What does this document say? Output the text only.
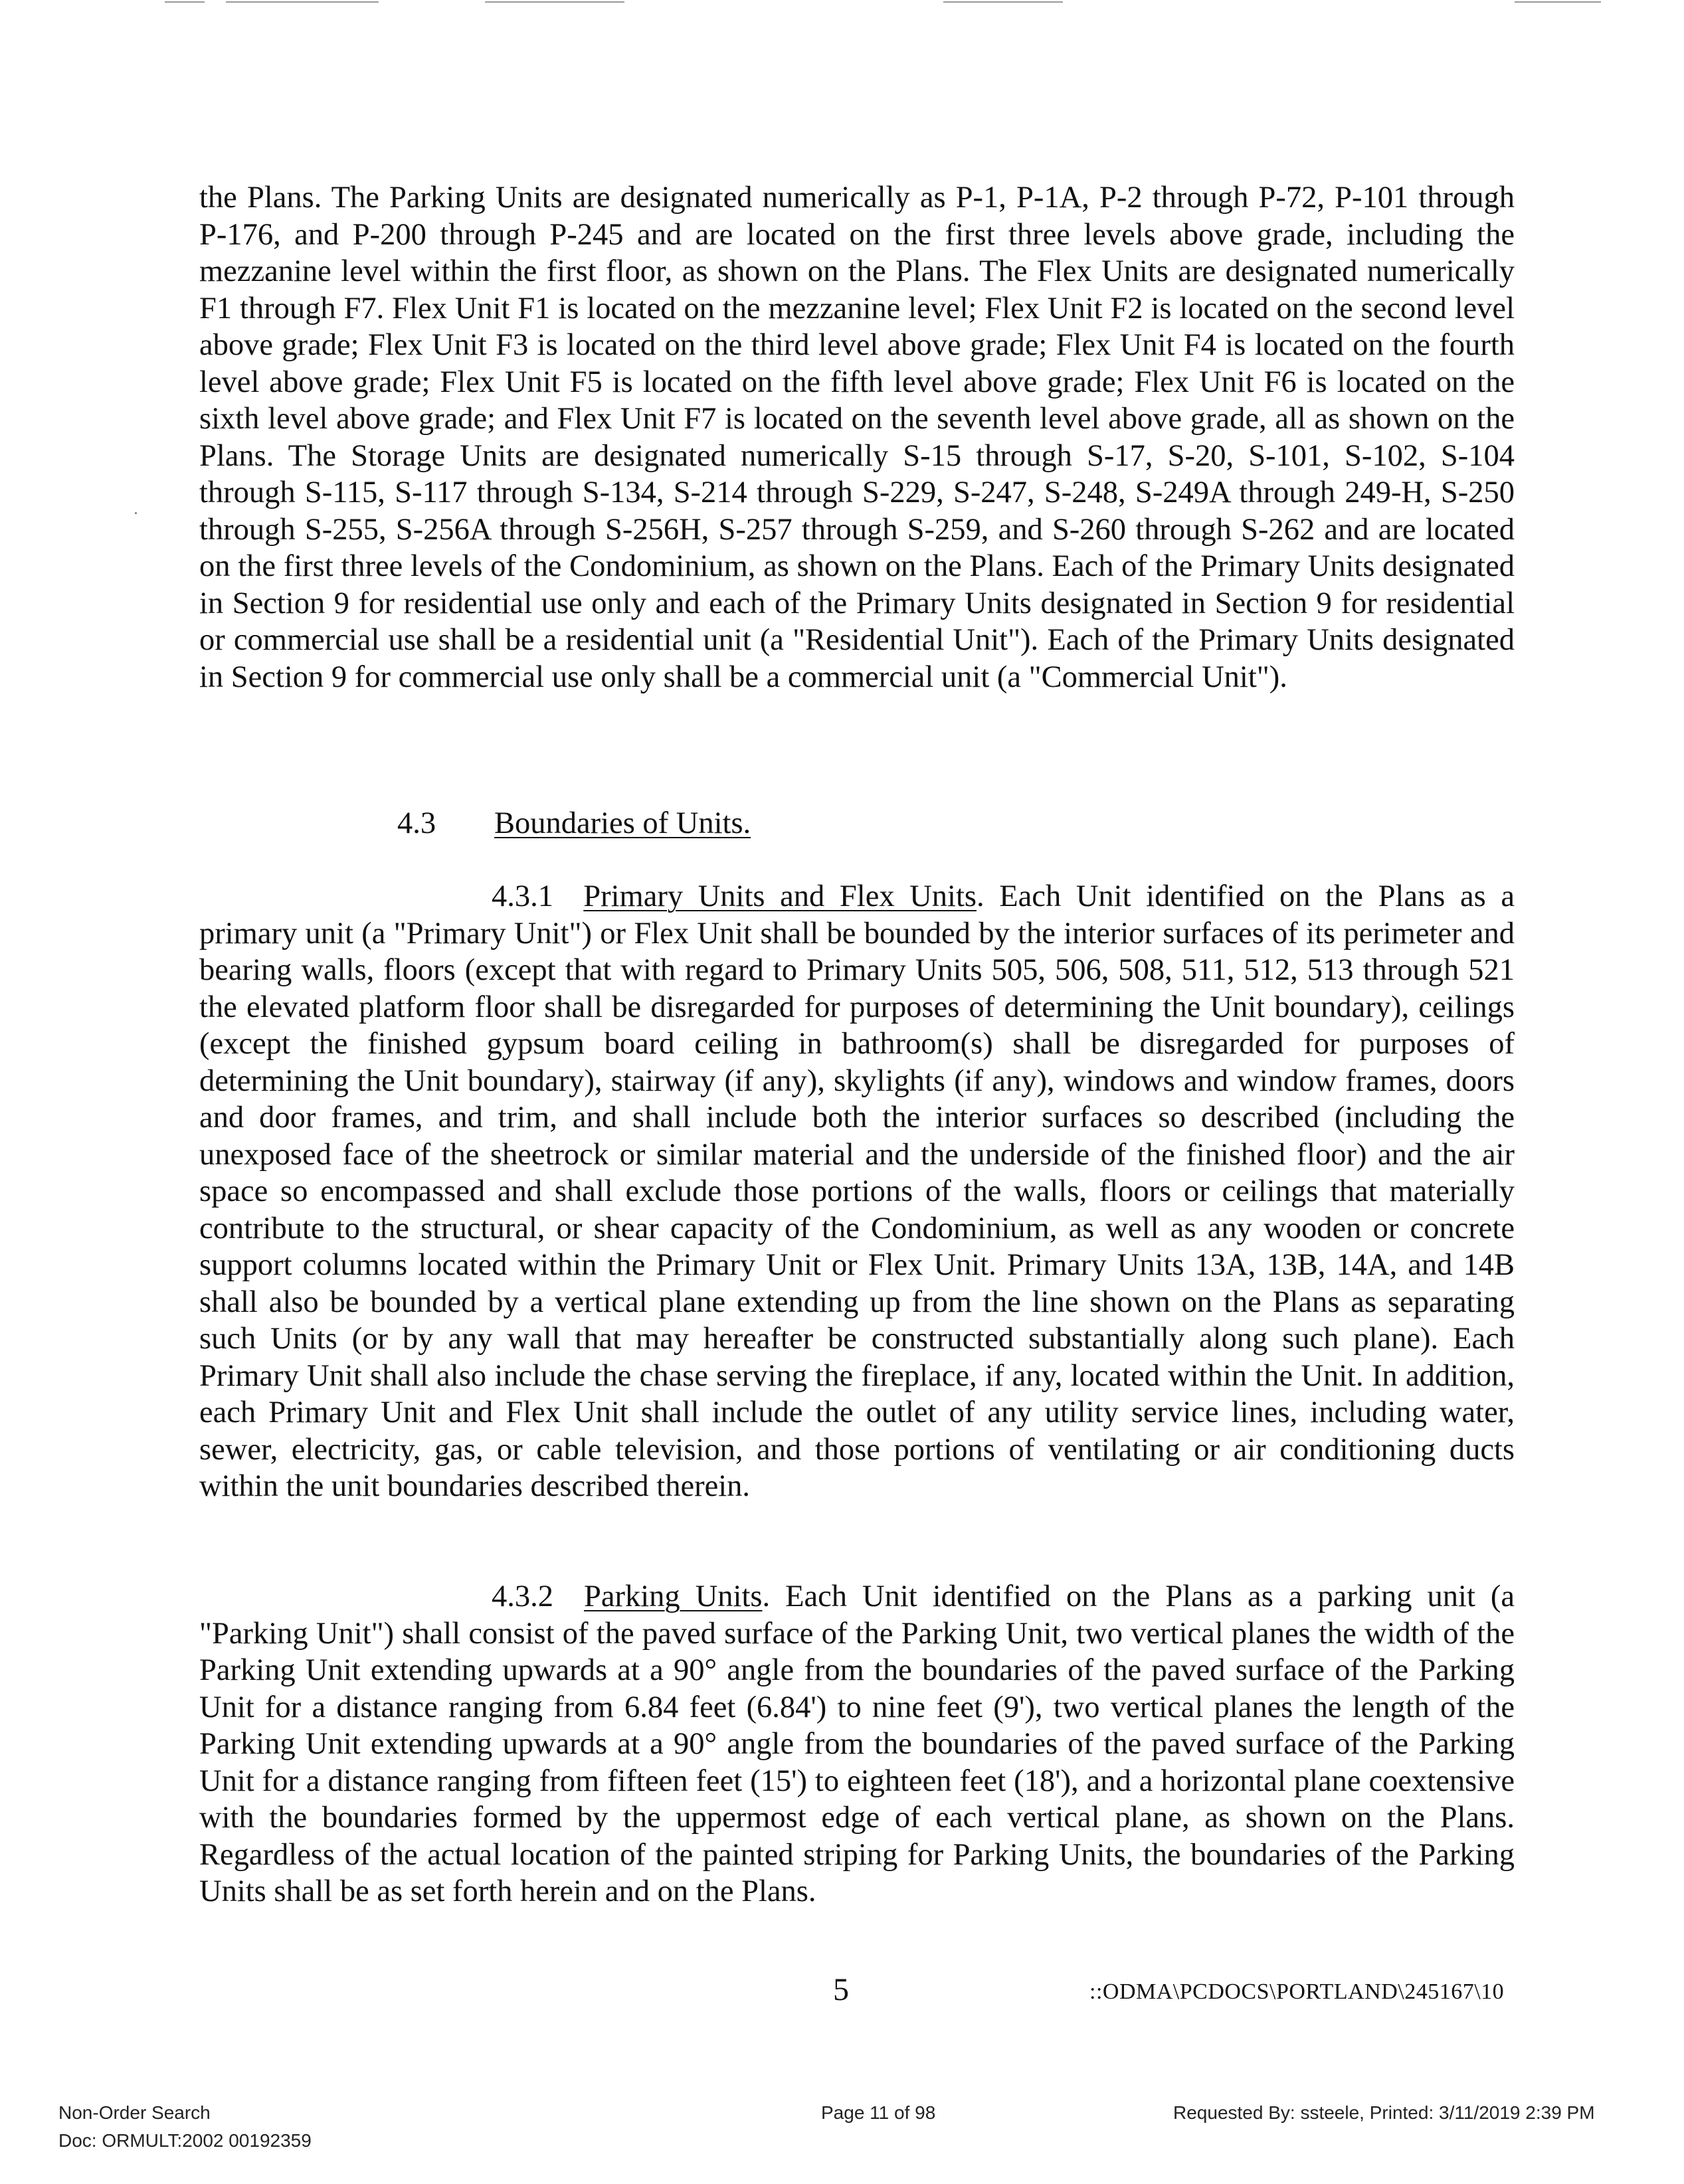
the Plans. The Parking Units are designated numerically as P-1, P-1A, P-2 through P-72, P-101 through P-176, and P-200 through P-245 and are located on the first three levels above grade, including the mezzanine level within the first floor, as shown on the Plans. The Flex Units are designated numerically F1 through F7. Flex Unit F1 is located on the mezzanine level; Flex Unit F2 is located on the second level above grade; Flex Unit F3 is located on the third level above grade; Flex Unit F4 is located on the fourth level above grade; Flex Unit F5 is located on the fifth level above grade; Flex Unit F6 is located on the sixth level above grade; and Flex Unit F7 is located on the seventh level above grade, all as shown on the Plans. The Storage Units are designated numerically S-15 through S-17, S-20, S-101, S-102, S-104 through S-115, S-117 through S-134, S-214 through S-229, S-247, S-248, S-249A through 249-H, S-250 through S-255, S-256A through S-256H, S-257 through S-259, and S-260 through S-262 and are located on the first three levels of the Condominium, as shown on the Plans. Each of the Primary Units designated in Section 9 for residential use only and each of the Primary Units designated in Section 9 for residential or commercial use shall be a residential unit (a "Residential Unit"). Each of the Primary Units designated in Section 9 for commercial use only shall be a commercial unit (a "Commercial Unit").

4.3 Boundaries of Units.
4.3.1 Primary Units and Flex Units. Each Unit identified on the Plans as a primary unit (a "Primary Unit") or Flex Unit shall be bounded by the interior surfaces of its perimeter and bearing walls, floors (except that with regard to Primary Units 505, 506, 508, 511, 512, 513 through 521 the elevated platform floor shall be disregarded for purposes of determining the Unit boundary), ceilings (except the finished gypsum board ceiling in bathroom(s) shall be disregarded for purposes of determining the Unit boundary), stairway (if any), skylights (if any), windows and window frames, doors and door frames, and trim, and shall include both the interior surfaces so described (including the unexposed face of the sheetrock or similar material and the underside of the finished floor) and the air space so encompassed and shall exclude those portions of the walls, floors or ceilings that materially contribute to the structural, or shear capacity of the Condominium, as well as any wooden or concrete support columns located within the Primary Unit or Flex Unit. Primary Units 13A, 13B, 14A, and 14B shall also be bounded by a vertical plane extending up from the line shown on the Plans as separating such Units (or by any wall that may hereafter be constructed substantially along such plane). Each Primary Unit shall also include the chase serving the fireplace, if any, located within the Unit. In addition, each Primary Unit and Flex Unit shall include the outlet of any utility service lines, including water, sewer, electricity, gas, or cable television, and those portions of ventilating or air conditioning ducts within the unit boundaries described therein.
4.3.2 Parking Units. Each Unit identified on the Plans as a parking unit (a "Parking Unit") shall consist of the paved surface of the Parking Unit, two vertical planes the width of the Parking Unit extending upwards at a 90° angle from the boundaries of the paved surface of the Parking Unit for a distance ranging from 6.84 feet (6.84') to nine feet (9'), two vertical planes the length of the Parking Unit extending upwards at a 90° angle from the boundaries of the paved surface of the Parking Unit for a distance ranging from fifteen feet (15') to eighteen feet (18'), and a horizontal plane coextensive with the boundaries formed by the uppermost edge of each vertical plane, as shown on the Plans. Regardless of the actual location of the painted striping for Parking Units, the boundaries of the Parking Units shall be as set forth herein and on the Plans.
5	::ODMA\PCDOCS\PORTLAND\245167\10
Non-Order Search
Doc: ORMULT:2002 00192359
Page 11 of 98	Requested By: ssteele, Printed: 3/11/2019 2:39 PM
